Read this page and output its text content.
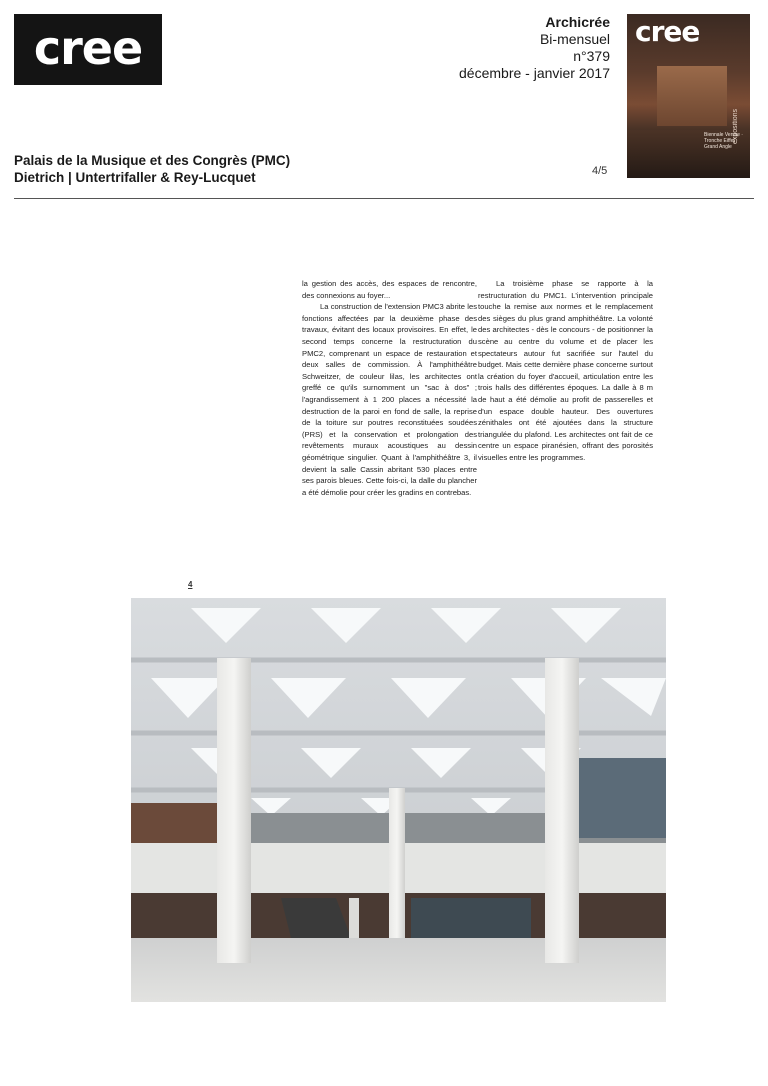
cree	Archicrée
Bi-mensuel
n°379
décembre - janvier 2017
cree
expositions
Biennale Venise · Tronche Eiffel · Grand Angle
Palais de la Musique et des Congrès (PMC)
Dietrich | Untertrifaller & Rey-Lucquet	4/5

la gestion des accès, des espaces de rencontre, des connexions au foyer...

La construction de l'extension PMC3 abrite les fonctions affectées par la deuxième phase des travaux, évitant des locaux provisoires. En effet, le second temps concerne la restructuration du PMC2, comprenant un espace de restauration et deux salles de commission. À l'amphithéâtre Schweitzer, de couleur lilas, les architectes ont greffé ce qu'ils surnomment un "sac à dos" ; l'agrandissement à 1 200 places a nécessité la destruction de la paroi en fond de salle, la reprise de la toiture sur poutres reconstituées soudées (PRS) et la conservation et prolongation des revêtements muraux acoustiques au dessin géométrique singulier. Quant à l'amphithéâtre 3, il devient la salle Cassin abritant 530 places entre ses parois bleues. Cette fois-ci, la dalle du plancher a été démolie pour créer les gradins en contrebas.

La troisième phase se rapporte à la restructuration du PMC1. L'intervention principale touche la remise aux normes et le remplacement des sièges du plus grand amphithéâtre. La volonté des architectes - dès le concours - de positionner la scène au centre du volume et de placer les spectateurs autour fut sacrifiée sur l'autel du budget. Mais cette dernière phase concerne surtout la création du foyer d'accueil, articulation entre les trois halls des différentes époques. La dalle à 8 m de haut a été démolie au profit de passerelles et d'un espace double hauteur. Des ouvertures zénithales ont été ajoutées dans la structure triangulée du plafond. Les architectes ont fait de ce centre un espace piranésien, offrant des porosités visuelles entre les programmes.

4
